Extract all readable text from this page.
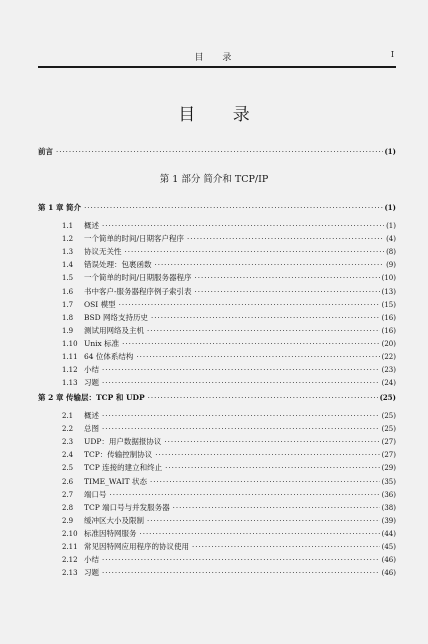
目 录	I
目 录
前言 ·····	(1)
第 1 部分 简介和 TCP/IP
第 1 章 简介 ·····	(1)
1.1	概述 ·····	(1)
1.2	一个简单的时间/日期客户程序 ·····	(4)
1.3	协议无关性 ·····	(8)
1.4	错误处理：包裹函数 ·····	(9)
1.5	一个简单的时间/日期服务器程序 ·····	(10)
1.6	书中客户-服务器程序例子索引表 ·····	(13)
1.7	OSI 模型 ·····	(15)
1.8	BSD 网络支持历史 ·····	(16)
1.9	测试用网络及主机 ·····	(16)
1.10 Unix 标准 ·····	(20)
1.11 64 位体系结构 ·····	(22)
1.12 小结 ·····	(23)
1.13 习题 ·····	(24)
第 2 章 传输层：TCP 和 UDP ·····	(25)
2.1	概述 ·····	(25)
2.2	总图 ·····	(25)
2.3	UDP：用户数据报协议 ·····	(27)
2.4	TCP：传输控制协议 ·····	(27)
2.5	TCP 连接的建立和终止 ·····	(29)
2.6	TIME_WAIT 状态 ·····	(35)
2.7	端口号 ·····	(36)
2.8	TCP 端口号与并发服务器 ·····	(38)
2.9	缓冲区大小及限制 ·····	(39)
2.10 标准因特网服务 ·····	(44)
2.11 常见因特网应用程序的协议使用 ·····	(45)
2.12 小结 ·····	(46)
2.13 习题 ·····	(46)
